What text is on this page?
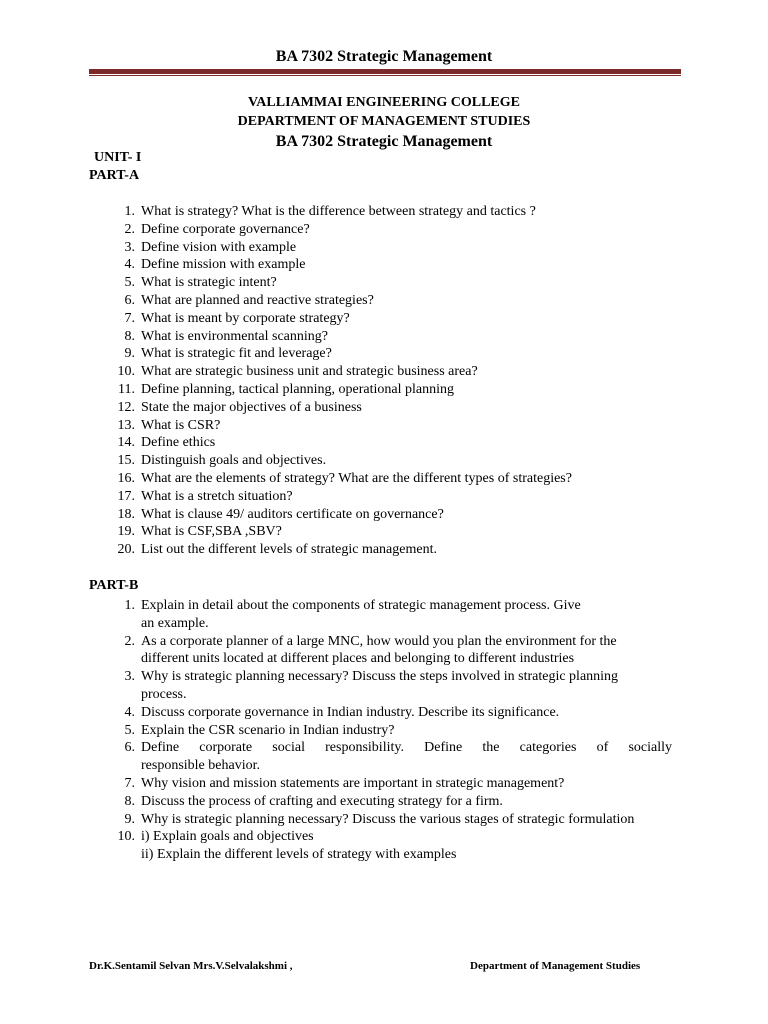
BA 7302 Strategic Management
VALLIAMMAI ENGINEERING COLLEGE
DEPARTMENT OF MANAGEMENT STUDIES
BA 7302 Strategic Management
UNIT- I
PART-A
1. What is strategy? What is the difference between strategy and tactics ?
2. Define corporate governance?
3. Define vision with example
4. Define mission with example
5. What is strategic intent?
6. What are planned and reactive strategies?
7. What is meant by corporate strategy?
8. What is environmental scanning?
9. What is strategic fit and leverage?
10. What are strategic business unit and strategic business area?
11. Define planning, tactical planning, operational planning
12. State the major objectives of a business
13. What is CSR?
14. Define ethics
15. Distinguish goals and objectives.
16. What are the elements of strategy? What are the different types of strategies?
17. What is a stretch situation?
18. What is clause 49/ auditors certificate on governance?
19. What is CSF,SBA ,SBV?
20. List out the different levels of strategic management.
PART-B
1. Explain in detail about the components of strategic management process. Give
an example.
2. As a corporate planner of a large MNC, how would you plan the environment for the
different units located at different places and belonging to different industries
3. Why is strategic planning necessary? Discuss the steps involved in strategic planning
process.
4. Discuss corporate governance in Indian industry. Describe its significance.
5. Explain the CSR scenario in Indian industry?
6. Define corporate social responsibility. Define the categories of socially
responsible behavior.
7. Why vision and mission statements are important in strategic management?
8. Discuss the process of crafting and executing strategy for a firm.
9. Why is strategic planning necessary? Discuss the various stages of strategic formulation
10. i) Explain goals and objectives
ii) Explain the different levels of strategy with examples
Dr.K.Sentamil Selvan Mrs.V.Selvalakshmi ,	Department of Management Studies
